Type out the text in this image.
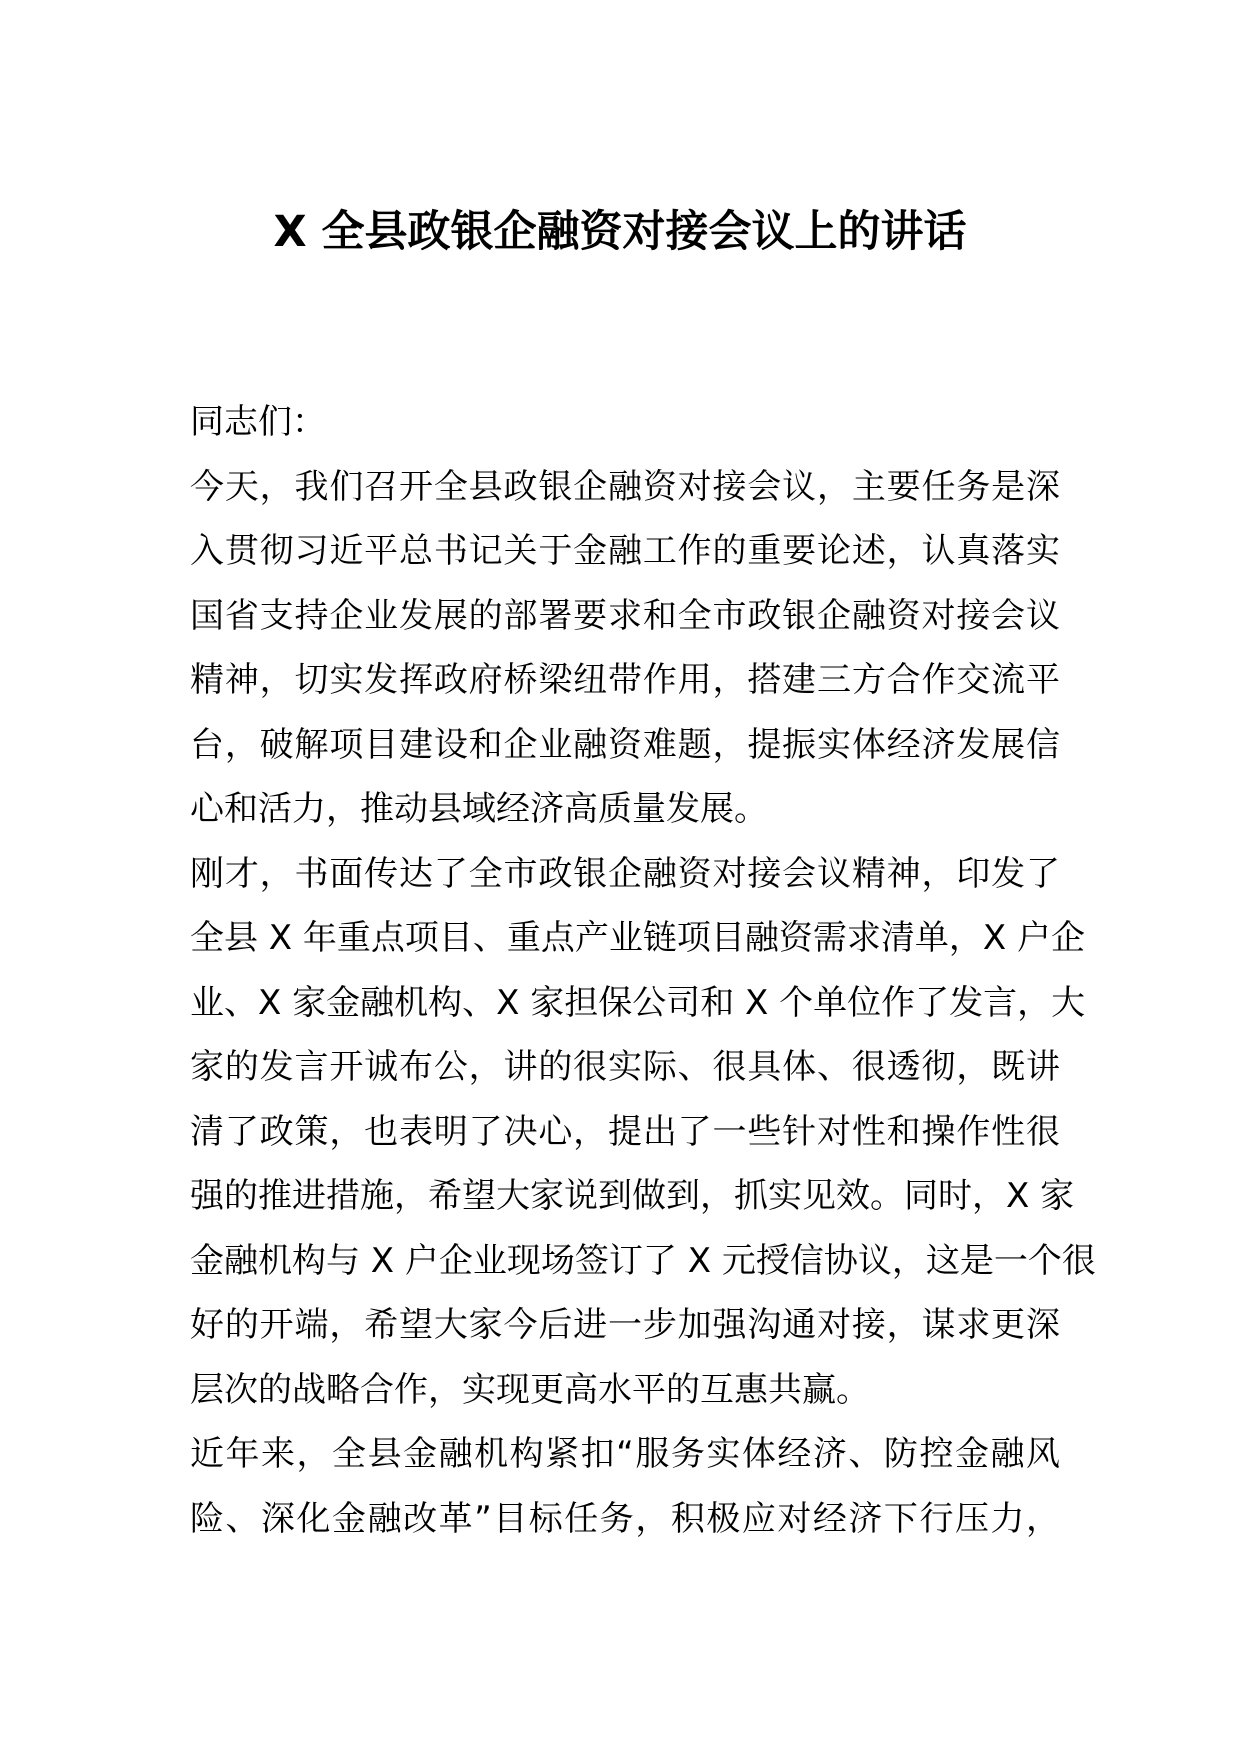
X 全县政银企融资对接会议上的讲话
同志们：
今天，我们召开全县政银企融资对接会议，主要任务是深
入贯彻习近平总书记关于金融工作的重要论述，认真落实
国省支持企业发展的部署要求和全市政银企融资对接会议
精神，切实发挥政府桥梁纽带作用，搭建三方合作交流平
台，破解项目建设和企业融资难题，提振实体经济发展信
心和活力，推动县域经济高质量发展。
刚才，书面传达了全市政银企融资对接会议精神，印发了
全县 X 年重点项目、重点产业链项目融资需求清单，X 户企
业、X 家金融机构、X 家担保公司和 X 个单位作了发言，大
家的发言开诚布公，讲的很实际、很具体、很透彻，既讲
清了政策，也表明了决心，提出了一些针对性和操作性很
强的推进措施，希望大家说到做到，抓实见效。同时，X 家
金融机构与 X 户企业现场签订了 X 元授信协议，这是一个很
好的开端，希望大家今后进一步加强沟通对接，谋求更深
层次的战略合作，实现更高水平的互惠共赢。
近年来，全县金融机构紧扣“服务实体经济、防控金融风
险、深化金融改革”目标任务，积极应对经济下行压力，
